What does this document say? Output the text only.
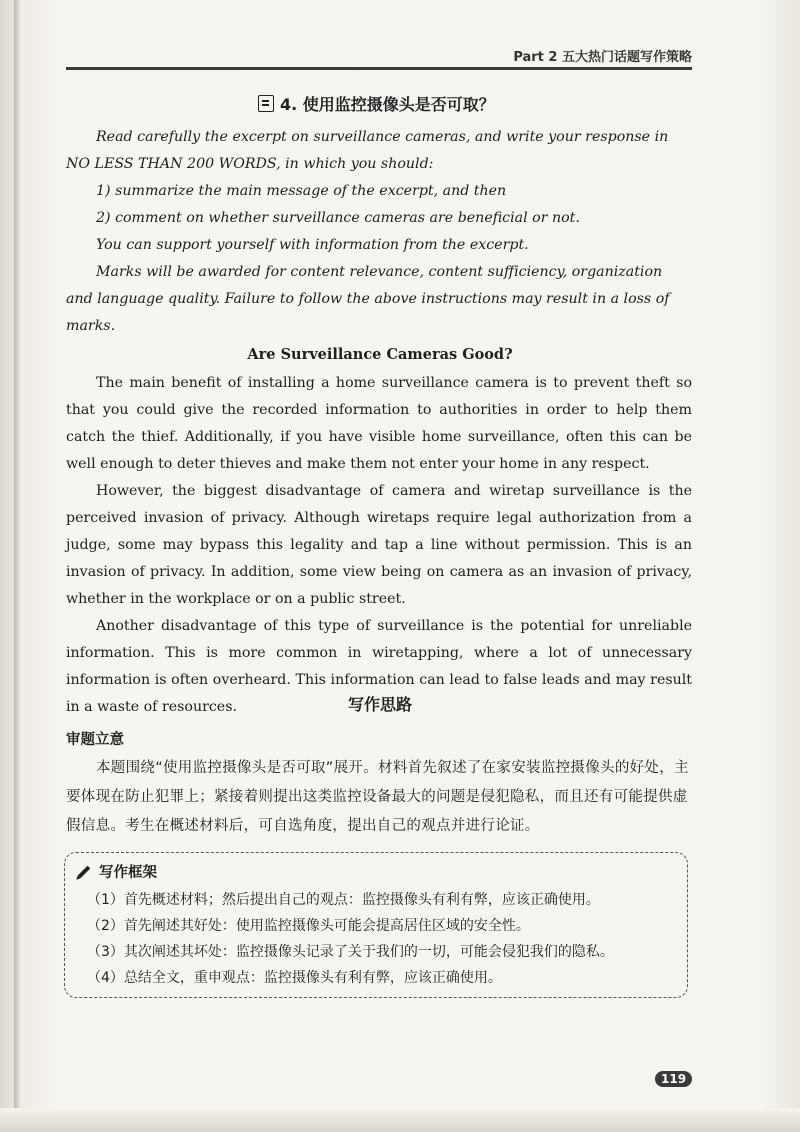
Part 2 五大热门话题写作策略
4. 使用监控摄像头是否可取？

Read carefully the excerpt on surveillance cameras, and write your response in NO LESS THAN 200 WORDS, in which you should:

1) summarize the main message of the excerpt, and then

2) comment on whether surveillance cameras are beneficial or not.

You can support yourself with information from the excerpt.

Marks will be awarded for content relevance, content sufficiency, organization and language quality. Failure to follow the above instructions may result in a loss of marks.

Are Surveillance Cameras Good?

The main benefit of installing a home surveillance camera is to prevent theft so that you could give the recorded information to authorities in order to help them catch the thief. Additionally, if you have visible home surveillance, often this can be well enough to deter thieves and make them not enter your home in any respect.

However, the biggest disadvantage of camera and wiretap surveillance is the perceived invasion of privacy. Although wiretaps require legal authorization from a judge, some may bypass this legality and tap a line without permission. This is an invasion of privacy. In addition, some view being on camera as an invasion of privacy, whether in the workplace or on a public street.

Another disadvantage of this type of surveillance is the potential for unreliable information. This is more common in wiretapping, where a lot of unnecessary information is often overheard. This information can lead to false leads and may result in a waste of resources.	写作思路
审题立意
本题围绕“使用监控摄像头是否可取”展开。材料首先叙述了在家安装监控摄像头的好处，主要体现在防止犯罪上；紧接着则提出这类监控设备最大的问题是侵犯隐私，而且还有可能提供虚假信息。考生在概述材料后，可自选角度，提出自己的观点并进行论证。
写作框架
（1）首先概述材料；然后提出自己的观点：监控摄像头有利有弊，应该正确使用。
（2）首先阐述其好处：使用监控摄像头可能会提高居住区域的安全性。
（3）其次阐述其坏处：监控摄像头记录了关于我们的一切，可能会侵犯我们的隐私。
（4）总结全文，重申观点：监控摄像头有利有弊，应该正确使用。
119
